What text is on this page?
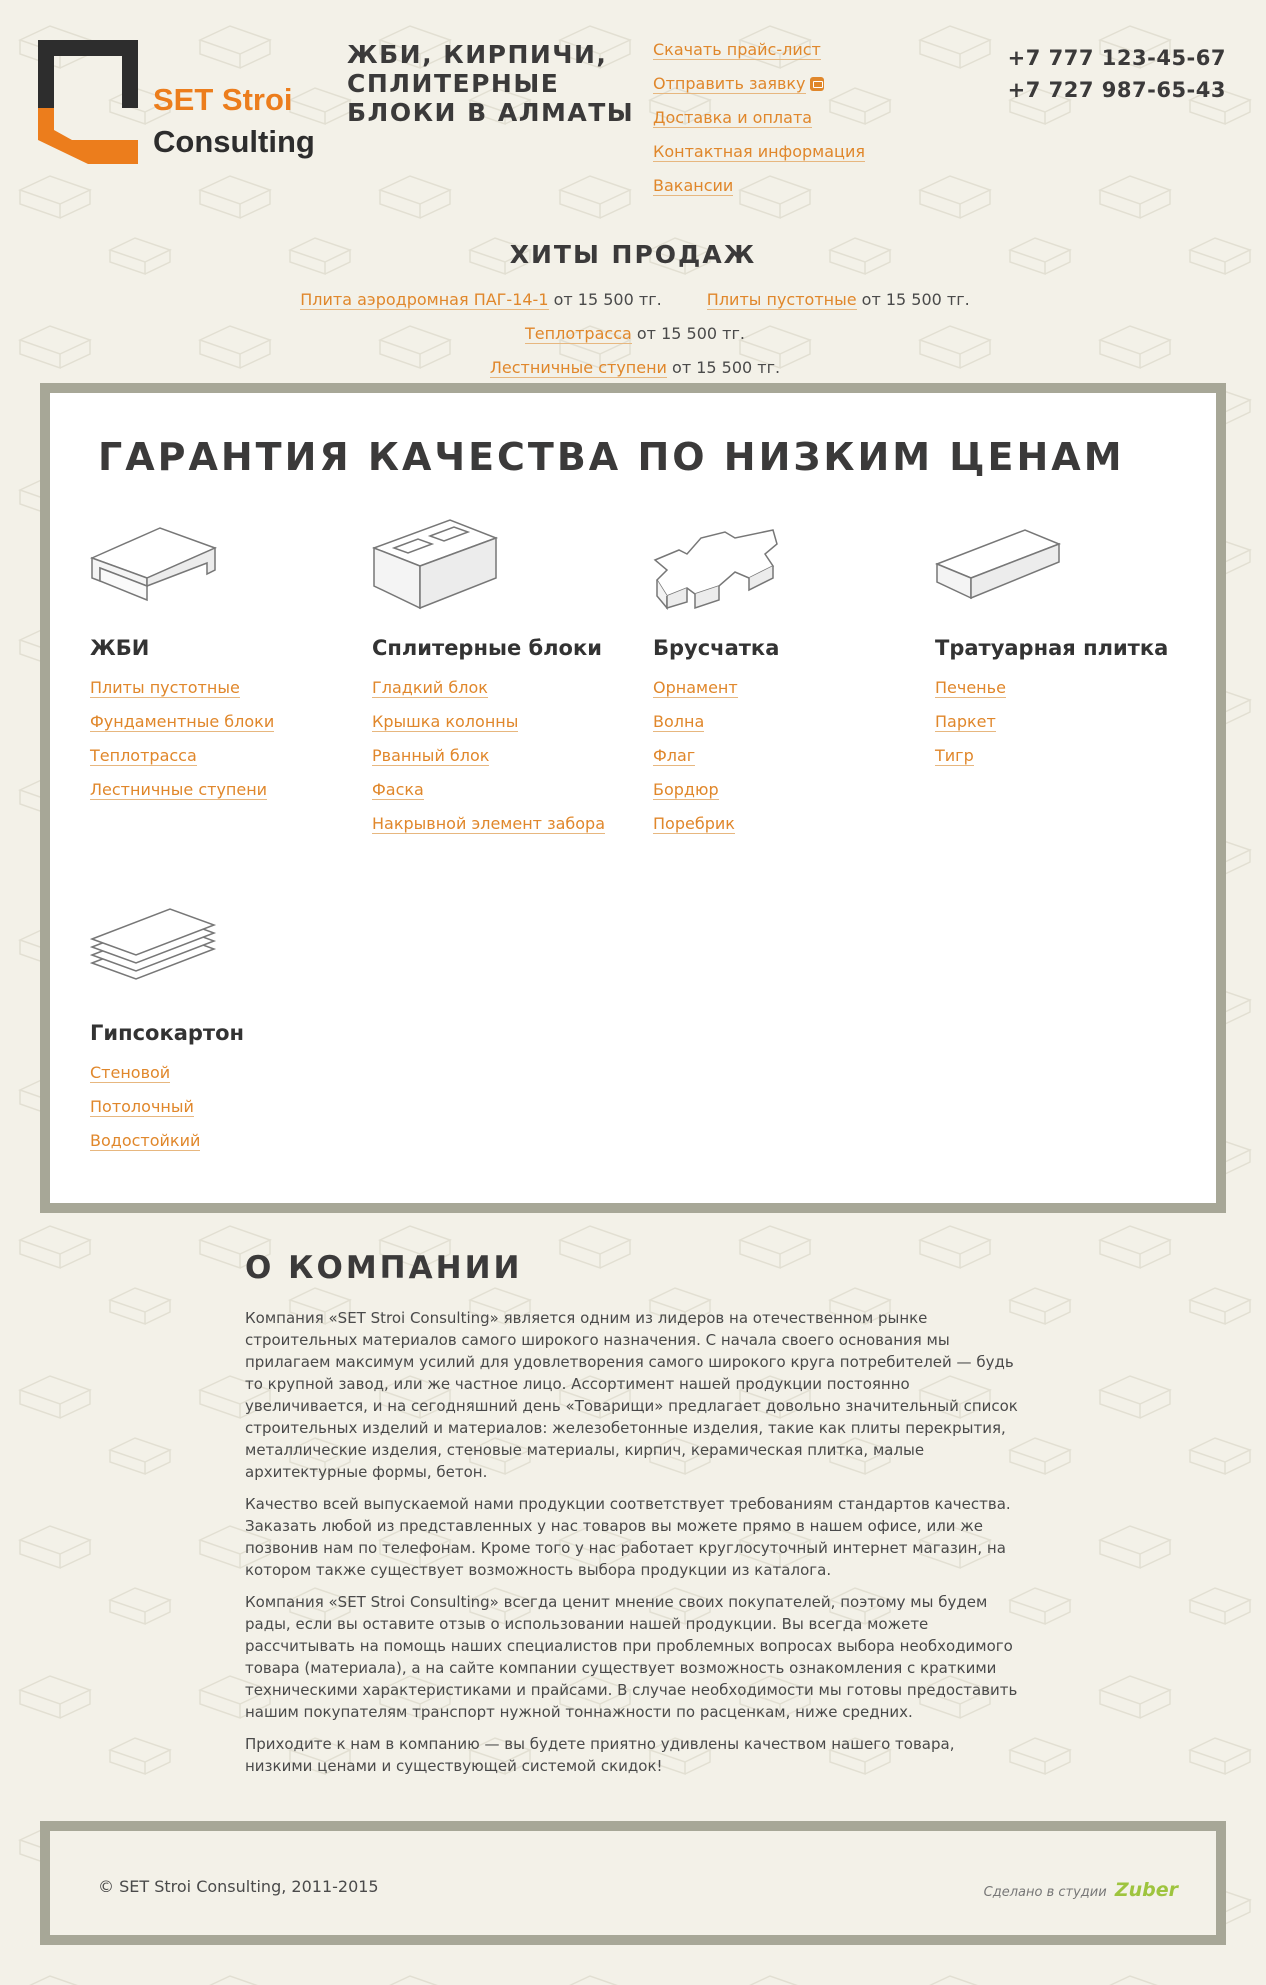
SET Stroi
Consulting
ЖБИ, КИРПИЧИ, СПЛИТЕРНЫЕ БЛОКИ В АЛМАТЫ
Скачать прайс-лист
Отправить заявку
Доставка и оплата
Контактная информация
Вакансии
+7 777 123-45-67
+7 727 987-65-43
ХИТЫ ПРОДАЖ
Плита аэродромная ПАГ-14-1 от 15 500 тг.	Плиты пустотные от 15 500 тг. Теплотрасса от 15 500 тг.
Лестничные ступени от 15 500 тг.
ГАРАНТИЯ КАЧЕСТВА ПО НИЗКИМ ЦЕНАМ
ЖБИ
Плиты пустотные
Фундаментные блоки
Теплотрасса
Лестничные ступени
Сплитерные блоки
Гладкий блок
Крышка колонны
Рванный блок
Фаска
Накрывной элемент забора
Брусчатка
Орнамент
Волна
Флаг
Бордюр
Поребрик
Тратуарная плитка
Печенье
Паркет
Тигр
Гипсокартон
Стеновой
Потолочный
Водостойкий
О КОМПАНИИ

Компания «SET Stroi Consulting» является одним из лидеров на отечественном рынке строительных материалов самого широкого назначения. С начала своего основания мы прилагаем максимум усилий для удовлетворения самого широкого круга потребителей — будь то крупной завод, или же частное лицо. Ассортимент нашей продукции постоянно увеличивается, и на сегодняшний день «Товарищи» предлагает довольно значительный список строительных изделий и материалов: железобетонные изделия, такие как плиты перекрытия, металлические изделия, стеновые материалы, кирпич, керамическая плитка, малые архитектурные формы, бетон.

Качество всей выпускаемой нами продукции соответствует требованиям стандартов качества. Заказать любой из представленных у нас товаров вы можете прямо в нашем офисе, или же позвонив нам по телефонам. Кроме того у нас работает круглосуточный интернет магазин, на котором также существует возможность выбора продукции из каталога.

Компания «SET Stroi Consulting» всегда ценит мнение своих покупателей, поэтому мы будем рады, если вы оставите отзыв о использовании нашей продукции. Вы всегда можете рассчитывать на помощь наших специалистов при проблемных вопросах выбора необходимого товара (материала), а на сайте компании существует возможность ознакомления с краткими техническими характеристиками и прайсами. В случае необходимости мы готовы предоставить нашим покупателям транспорт нужной тоннажности по расценкам, ниже средних.

Приходите к нам в компанию — вы будете приятно удивлены качеством нашего товара, низкими ценами и существующей системой скидок!

© SET Stroi Consulting, 2011-2015	Сделано в студии Zuber
